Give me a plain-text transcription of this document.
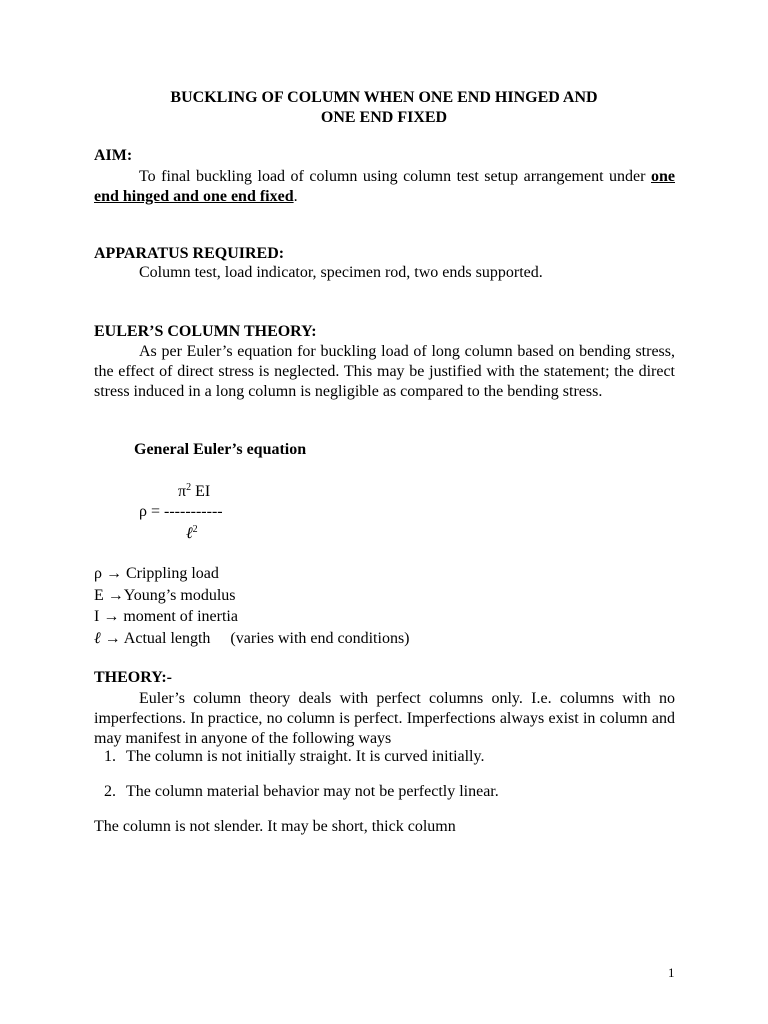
BUCKLING OF COLUMN WHEN ONE END HINGED AND
ONE END FIXED
AIM:
To final buckling load of column using column test setup arrangement under one end hinged and one end fixed.
APPARATUS REQUIRED:
Column test, load indicator, specimen rod, two ends supported.
EULER’S COLUMN THEORY:
As per Euler’s equation for buckling load of long column based on bending stress, the effect of direct stress is neglected. This may be justified with the statement; the direct stress induced in a long column is negligible as compared to the bending stress.
General Euler’s equation
$\pi^2$ EI
ρ = -----------
ℓ$^2$
ρ → Crippling load
E →Young’s modulus
I → moment of inertia
ℓ → Actual length     (varies with end conditions)
THEORY:-
Euler’s column theory deals with perfect columns only. I.e. columns with no imperfections. In practice, no column is perfect. Imperfections always exist in column and may manifest in anyone of the following ways
1. The column is not initially straight. It is curved initially.
2. The column material behavior may not be perfectly linear.
The column is not slender. It may be short, thick column
1
